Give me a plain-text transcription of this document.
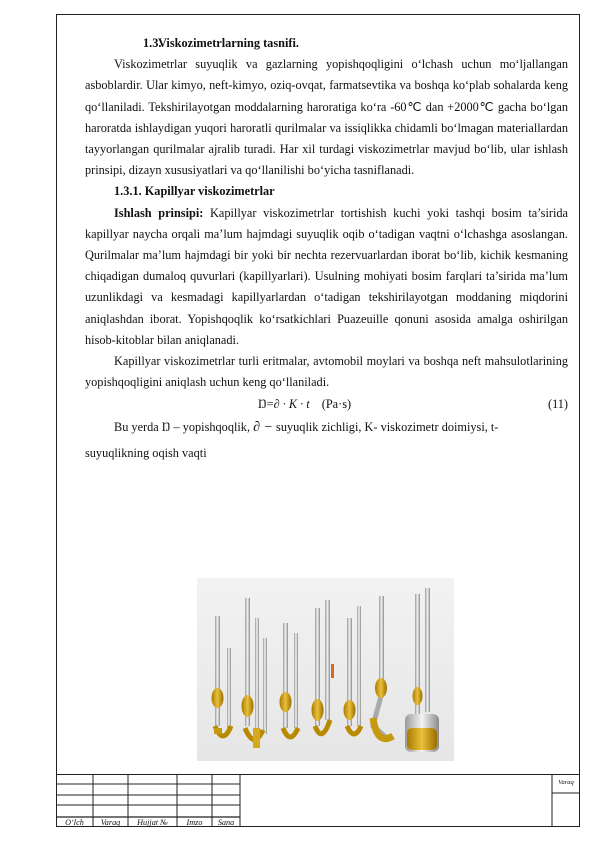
1.3.Viskozimetrlarning tasnifi.

Viskozimetrlar suyuqlik va gazlarning yopishqoqligini o‘lchash uchun mo‘ljallangan asboblardir. Ular kimyo, neft-kimyo, oziq-ovqat, farmatsevtika va boshqa ko‘plab sohalarda keng qo‘llaniladi. Tekshirilayotgan moddalarning haroratiga ko‘ra -60℃ dan +2000℃ gacha bo‘lgan haroratda ishlaydigan yuqori haroratli qurilmalar va issiqlikka chidamli bo‘lmagan materiallardan tayyorlangan qurilmalar ajralib turadi. Har xil turdagi viskozimetrlar mavjud bo‘lib, ular ishlash prinsipi, dizayn xususiyatlari va qo‘llanilishi bo‘yicha tasniflanadi.

1.3.1. Kapillyar viskozimetrlar

Ishlash prinsipi: Kapillyar viskozimetrlar tortishish kuchi yoki tashqi bosim ta’sirida kapillyar naycha orqali ma’lum hajmdagi suyuqlik oqib o‘tadigan vaqtni o‘lchashga asoslangan. Qurilmalar ma’lum hajmdagi bir yoki bir nechta rezervuarlardan iborat bo‘lib, kichik kesmaning chiqadigan dumaloq quvurlari (kapillyarlari). Usulning mohiyati bosim farqlari ta’sirida ma’lum uzunlikdagi va kesmadagi kapillyarlardan o‘tadigan tekshirilayotgan moddaning miqdorini aniqlashdan iborat. Yopishqoqlik ko‘rsatkichlari Puazeuille qonuni asosida amalga oshirilgan hisob-kitoblar bilan aniqlanadi.

Kapillyar viskozimetrlar turli eritmalar, avtomobil moylari va boshqa neft mahsulotlarining yopishqoqligini aniqlash uchun keng qo‘llaniladi.

Ŋ=∂ · K · t (Pa·s)	(11)

Bu yerda Ŋ – yopishqoqlik, ∂ − suyuqlik zichligi, K- viskozimetr doimiysi, t-

suyuqlikning oqish vaqti
O‘lch	Varaq	Hujjat №	Imzo	Sana
Varaq
